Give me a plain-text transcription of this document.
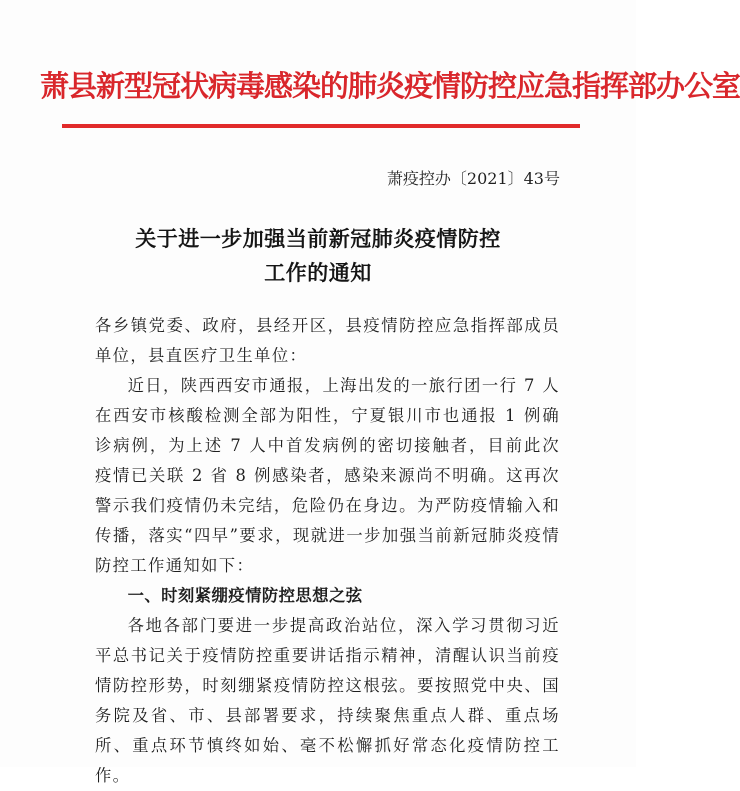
萧县新型冠状病毒感染的肺炎疫情防控应急指挥部办公室
萧疫控办〔2021〕43号
关于进一步加强当前新冠肺炎疫情防控
工作的通知

各乡镇党委、政府，县经开区，县疫情防控应急指挥部成员单位，县直医疗卫生单位：

近日，陕西西安市通报，上海出发的一旅行团一行 7 人在西安市核酸检测全部为阳性，宁夏银川市也通报 1 例确诊病例，为上述 7 人中首发病例的密切接触者，目前此次疫情已关联 2 省 8 例感染者，感染来源尚不明确。这再次警示我们疫情仍未完结，危险仍在身边。为严防疫情输入和传播，落实“四早”要求，现就进一步加强当前新冠肺炎疫情防控工作通知如下：

一、时刻紧绷疫情防控思想之弦

各地各部门要进一步提高政治站位，深入学习贯彻习近平总书记关于疫情防控重要讲话指示精神，清醒认识当前疫情防控形势，时刻绷紧疫情防控这根弦。要按照党中央、国务院及省、市、县部署要求，持续聚焦重点人群、重点场所、重点环节慎终如始、毫不松懈抓好常态化疫情防控工作。
